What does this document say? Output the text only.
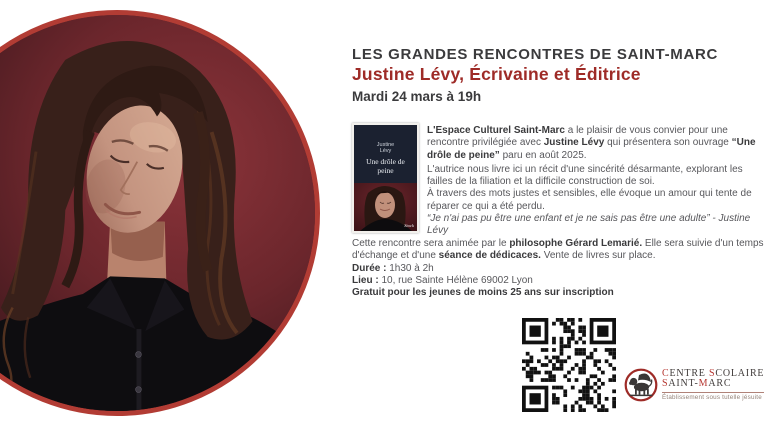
LES GRANDES RENCONTRES DE SAINT-MARC
Justine Lévy, Écrivaine et Éditrice
Mardi 24 mars à 19h
Justine Lévy
Une drôle de peine
Stock

L'Espace Culturel Saint-Marc a le plaisir de vous convier pour une rencontre privilégiée avec Justine Lévy qui présentera son ouvrage “Une drôle de peine” paru en août 2025.

L'autrice nous livre ici un récit d'une sincérité désarmante, explorant les failles de la filiation et la difficile construction de soi.

À travers des mots justes et sensibles, elle évoque un amour qui tente de réparer ce qui a été perdu.

“Je n'ai pas pu être une enfant et je ne sais pas être une adulte” - Justine Lévy

Cette rencontre sera animée par le philosophe Gérard Lemarié. Elle sera suivie d'un temps d'échange et d'une séance de dédicaces. Vente de livres sur place.

Durée : 1h30 à 2h

Lieu : 10, rue Sainte Hélène 69002 Lyon

Gratuit pour les jeunes de moins 25 ans sur inscription

CENTRE SCOLAIRE
SAINT-MARC
Établissement sous tutelle jésuite
